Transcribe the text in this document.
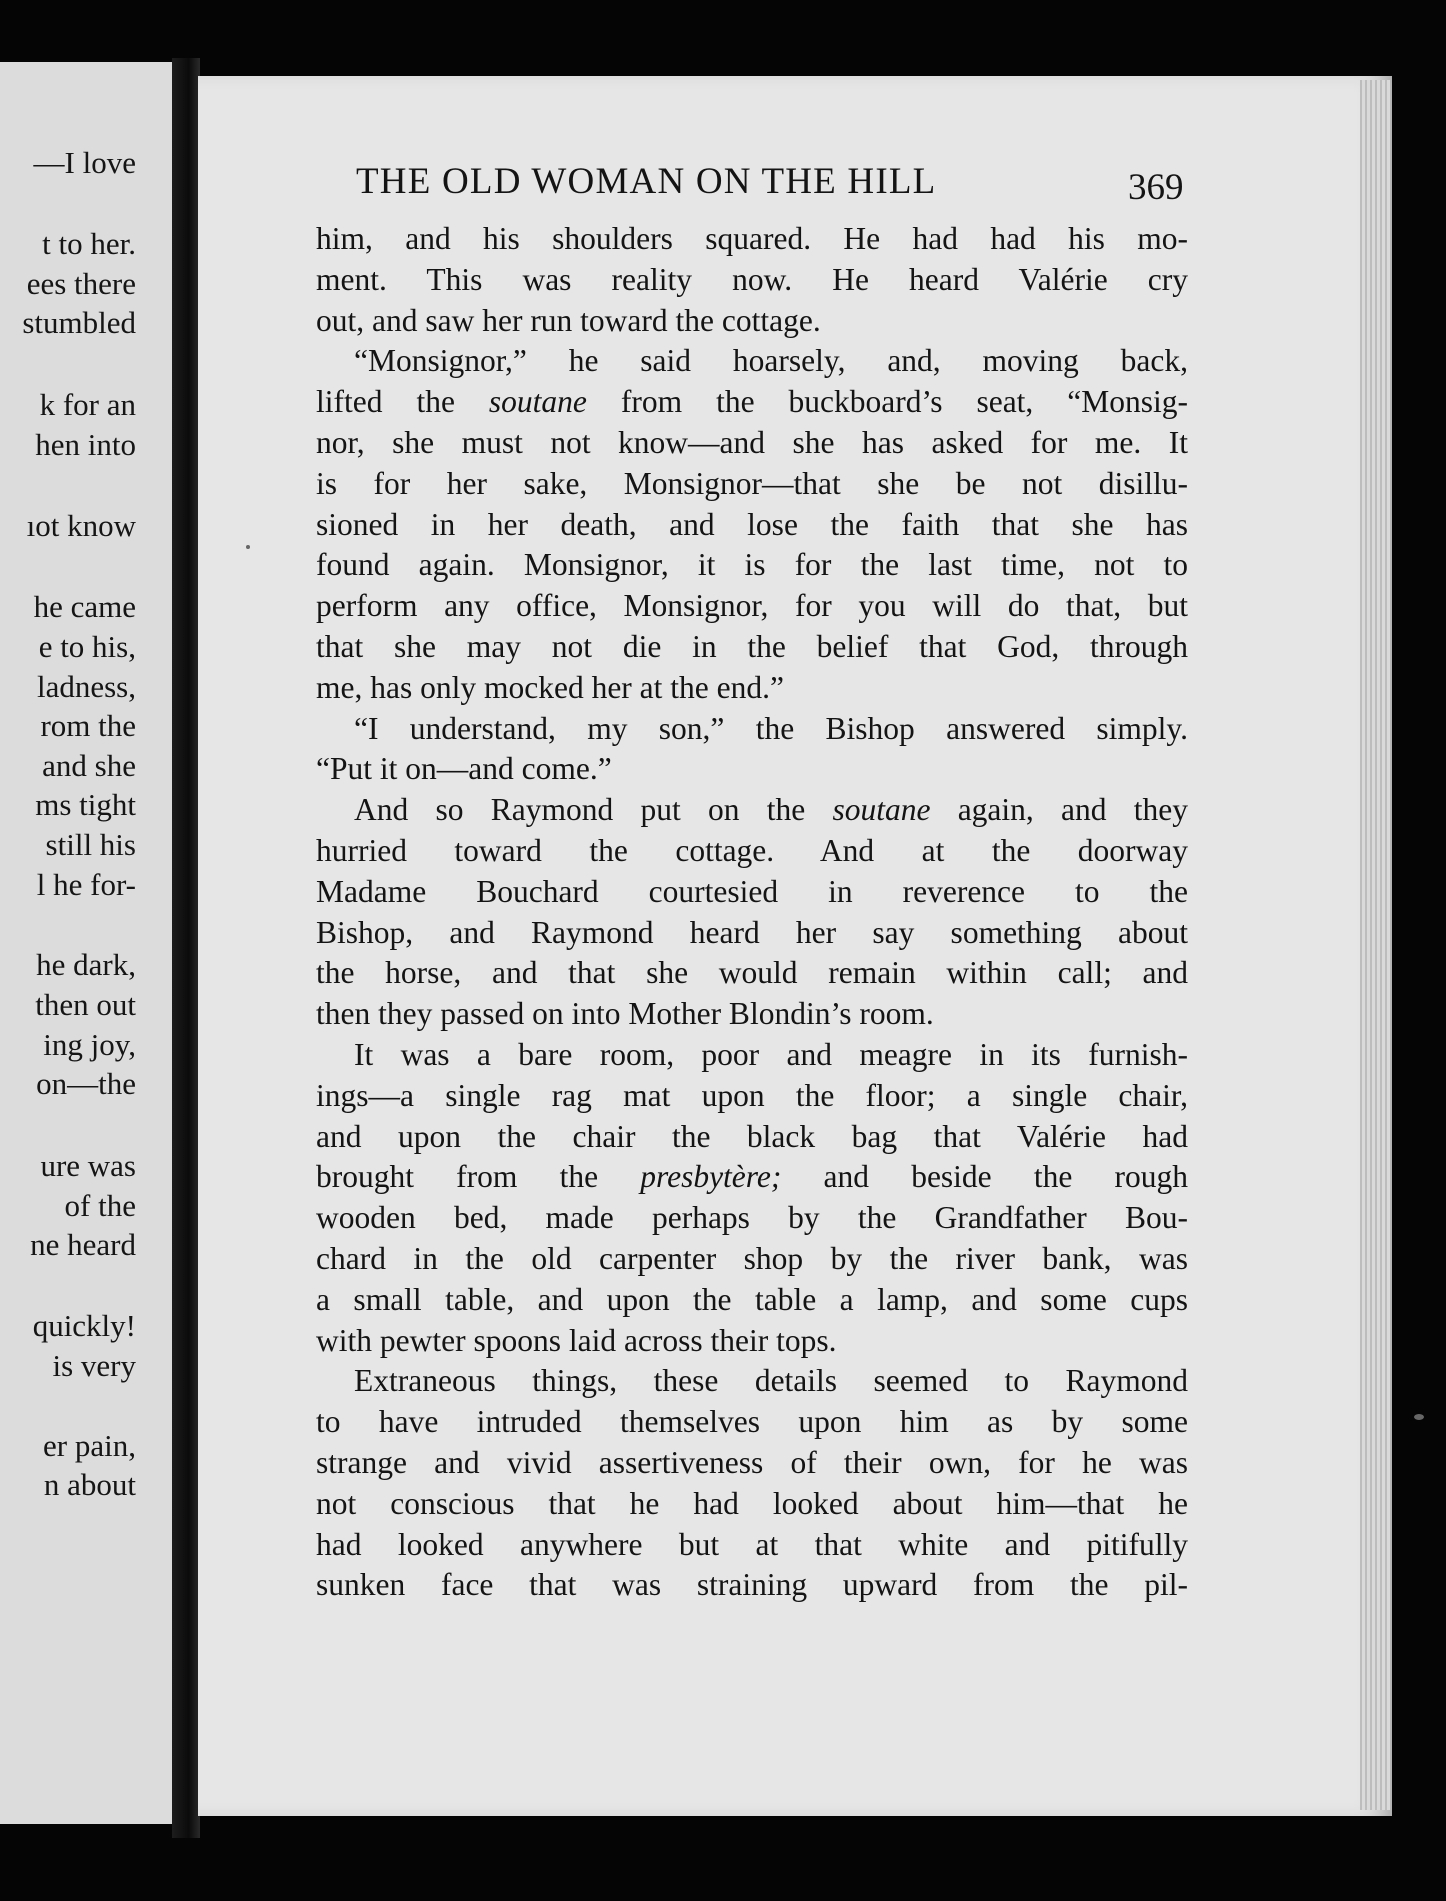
—I love
t to her.
ees there
stumbled
k for an
hen into
ıot know
he came
e to his,
ladness,
rom the
and she
ms tight
still his
l he for-
he dark,
then out
ing joy,
on—the
ure was
of the
ne heard
quickly!
is very
er pain,
n about
THE OLD WOMAN ON THE HILL	369
him, and his shoulders squared. He had had his mo-
ment. This was reality now. He heard Valérie cry
out, and saw her run toward the cottage.
“Monsignor,” he said hoarsely, and, moving back,
lifted the soutane from the buckboard’s seat, “Monsig-
nor, she must not know—and she has asked for me. It
is for her sake, Monsignor—that she be not disillu-
sioned in her death, and lose the faith that she has
found again. Monsignor, it is for the last time, not to
perform any office, Monsignor, for you will do that, but
that she may not die in the belief that God, through
me, has only mocked her at the end.”
“I understand, my son,” the Bishop answered simply.
“Put it on—and come.”
And so Raymond put on the soutane again, and they
hurried toward the cottage. And at the doorway
Madame Bouchard courtesied in reverence to the
Bishop, and Raymond heard her say something about
the horse, and that she would remain within call; and
then they passed on into Mother Blondin’s room.
It was a bare room, poor and meagre in its furnish-
ings—a single rag mat upon the floor; a single chair,
and upon the chair the black bag that Valérie had
brought from the presbytère; and beside the rough
wooden bed, made perhaps by the Grandfather Bou-
chard in the old carpenter shop by the river bank, was
a small table, and upon the table a lamp, and some cups
with pewter spoons laid across their tops.
Extraneous things, these details seemed to Raymond
to have intruded themselves upon him as by some
strange and vivid assertiveness of their own, for he was
not conscious that he had looked about him—that he
had looked anywhere but at that white and pitifully
sunken face that was straining upward from the pil-
